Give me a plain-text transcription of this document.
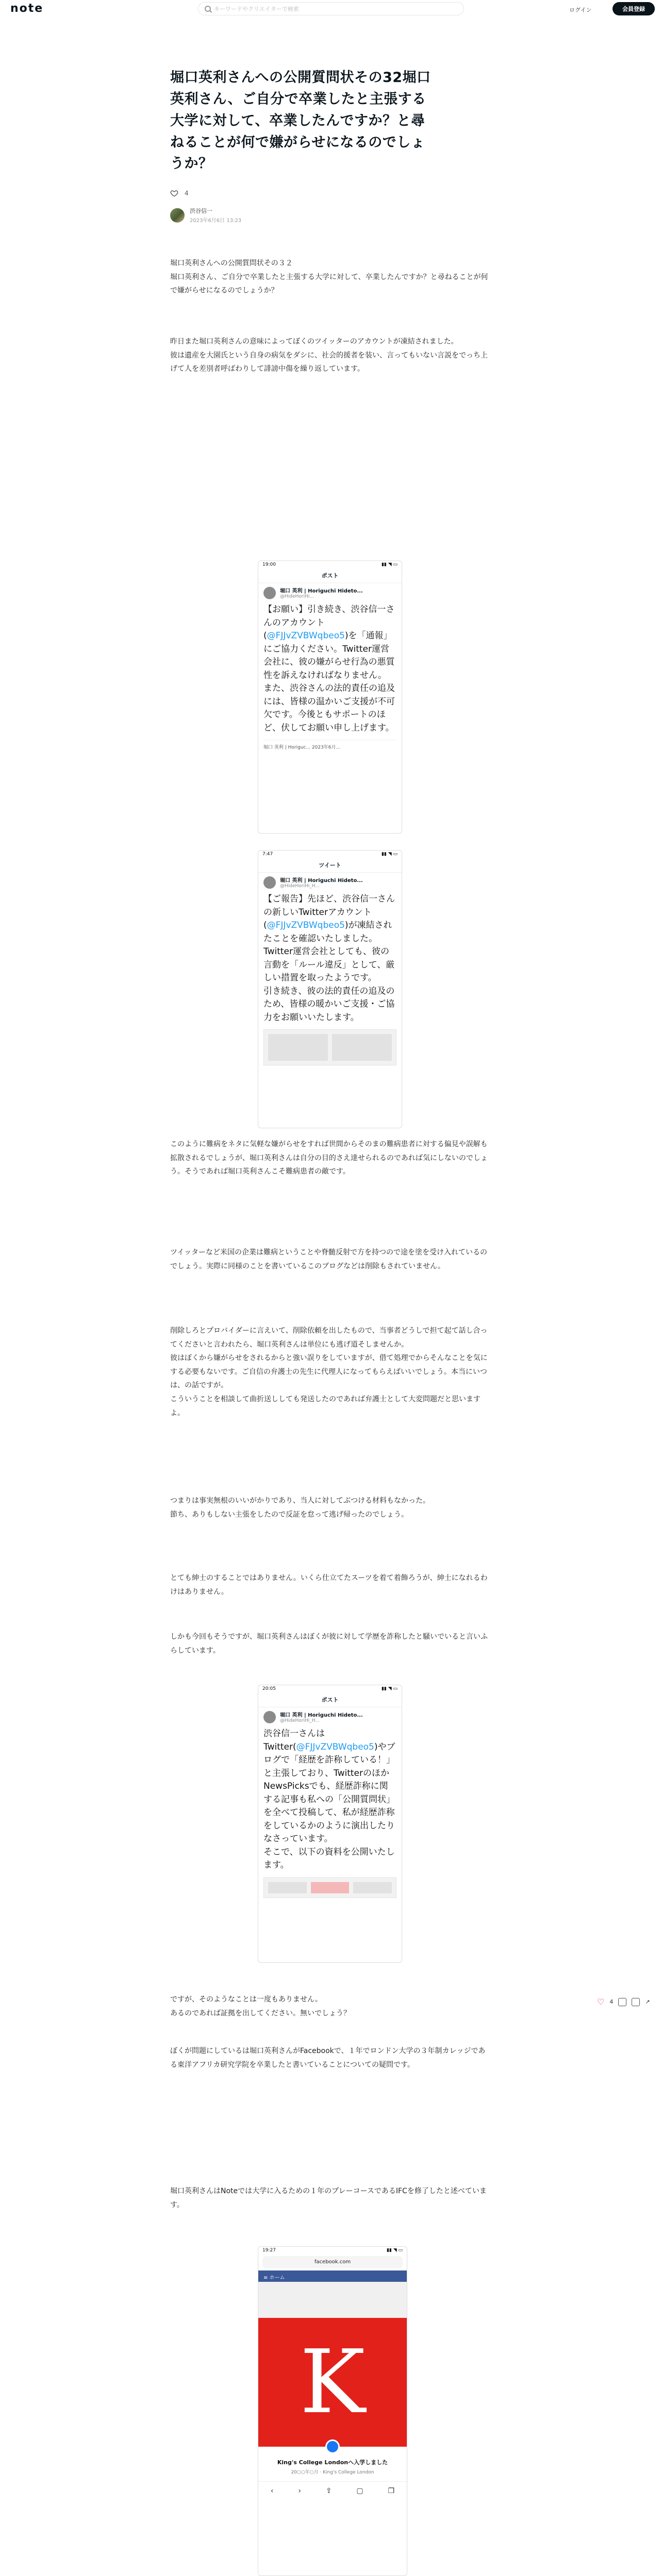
note	キーワードやクリエイターで検索	ログイン	会員登録
堀口英利さんへの公開質問状その32堀口英利さん、ご自分で卒業したと主張する大学に対して、卒業したんですか？と尋ねることが何で嫌がらせになるのでしょうか？
4
渋谷信一
2023年6月6日 13:23

堀口英利さんへの公開質問状その３２
堀口英利さん、ご自分で卒業したと主張する大学に対して、卒業したんですか？と尋ねることが何で嫌がらせになるのでしょうか？

昨日また堀口英利さんの意味によってぼくのツイッターのアカウントが凍結されました。
彼は遺産を大園氏という自身の病気をダシに、社会的援者を装い、言ってもいない言説をでっち上げて人を差別者呼ばわりして誹謗中傷を繰り返しています。

19:00	▮▮ ◥ ▭
ポスト
堀口 英利 | Horiguchi Hideto...
@HideHoriHi...
【お願い】引き続き、渋谷信一さんのアカウント(@FJJvZVBWqbeo5)を「通報」にご協力ください。Twitter運営会社に、彼の嫌がらせ行為の悪質性を訴えなければなりません。
また、渋谷さんの法的責任の追及には、皆様の温かいご支援が不可欠です。今後ともサポートのほど、伏してお願い申し上げます。
堀口 英利 | Horiguc... 2023年6月...
7:47	▮▮ ◥ ▭
ツイート
堀口 英利 | Horiguchi Hideto...
@HideHoriHi_H...
【ご報告】先ほど、渋谷信一さんの新しいTwitterアカウント(@FJJvZVBWqbeo5)が凍結されたことを確認いたしました。Twitter運営会社としても、彼の言動を「ルール違反」として、厳しい措置を取ったようです。
引き続き、彼の法的責任の追及のため、皆様の暖かいご支援・ご協力をお願いいたします。

このように難病をネタに気軽な嫌がらせをすれば世間からそのまの難病患者に対する偏見や誤解も拡散されるでしょうが、堀口英利さんは自分の目的さえ達せられるのであれば気にしないのでしょう。そうであれば堀口英利さんこそ難病患者の敵です。

ツイッターなど米国の企業は難病ということや脊髄反射で方を持つので途を塗を受け入れているのでしょう。実際に同様のことを書いているこのブログなどは削除もされていません。

削除しろとプロバイダーに言えいて、削除依頼を出したもので、当事者どうしで担て起て話し合ってくださいと言われたら、堀口英利さんは単位にも逃げ道そしませんか。
彼はぼくから嫌がらせをされるからと強い誤りをしていますが、借て処理でからそんなことを気にする必要もないです。ご自信の弁護士の先生に代理人になってもらえばいいでしょう。本当にいつは、の話ですが。
こういうことを相談して曲折送ししても発送したのであれば弁護士として大変問題だと思いますよ。

つまりは事実無根のいいがかりであり、当人に対してぶつける材料もなかった。
節ち、ありもしない主張をしたので反証を怠って逃げ帰ったのでしょう。

とても紳士のすることではありません。いくら仕立てたスーツを着て着飾ろうが、紳士になれるわけはありません。

しかも今回もそうですが、堀口英利さんはぼくが彼に対して学歴を詐称したと騒いでいると言いふらしています。

20:05	▮▮ ◥ ▭
ポスト
堀口 英利 | Horiguchi Hideto...
@HideHoriHi_H...
渋谷信一さんは
Twitter(@FJJvZVBWqbeo5)やブログで「経歴を詐称している！」と主張しており、TwitterのほかNewsPicksでも、経歴詐称に関する記事も私への「公開質問状」を全べて投稿して、私が経歴詐称をしているかのように演出したりなさっています。
そこで、以下の資料を公開いたします。

ですが、そのようなことは一度もありません。
あるのであれば証拠を出してください。無いでしょう？

ぼくが問題にしているは堀口英利さんがFacebookで、１年でロンドン大学の３年制カレッジである東洋アフリカ研究学院を卒業したと書いていることについての疑問です。

堀口英利さんはNoteでは大学に入るための１年のプレーコースであるIFCを修了したと述べています。

19:27	▮▮ ◥ ▭
facebook.com
≡ ホーム
K
King's College Londonへ入学しました
20○○年○月 · King's College London
‹	›	⇪	▢	❐
♡ 4	↗
